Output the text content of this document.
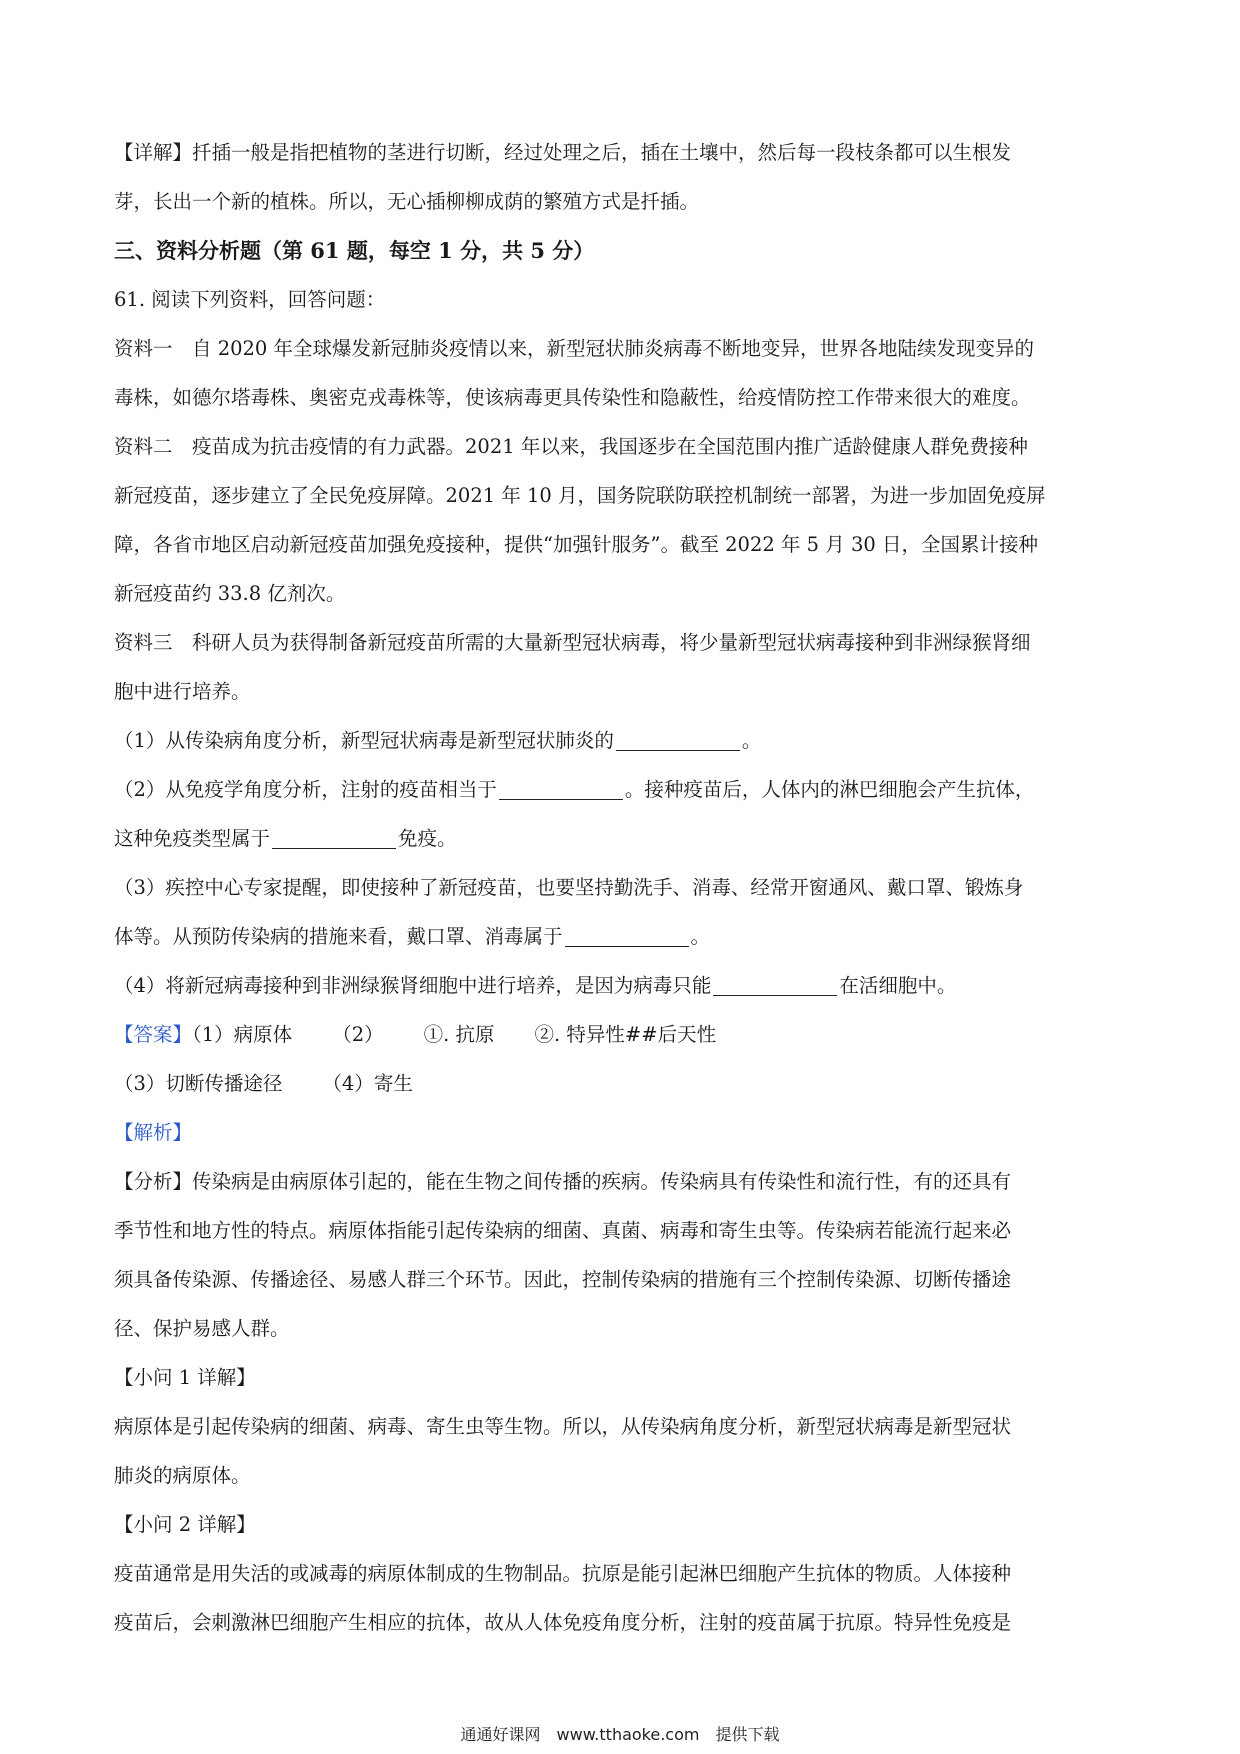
【详解】扦插一般是指把植物的茎进行切断，经过处理之后，插在土壤中，然后每一段枝条都可以生根发

芽，长出一个新的植株。所以，无心插柳柳成荫的繁殖方式是扦插。

三、资料分析题（第 61 题，每空 1 分，共 5 分）

61. 阅读下列资料，回答问题：

资料一　自 2020 年全球爆发新冠肺炎疫情以来，新型冠状肺炎病毒不断地变异，世界各地陆续发现变异的

毒株，如德尔塔毒株、奥密克戎毒株等，使该病毒更具传染性和隐蔽性，给疫情防控工作带来很大的难度。

资料二　疫苗成为抗击疫情的有力武器。2021 年以来，我国逐步在全国范围内推广适龄健康人群免费接种

新冠疫苗，逐步建立了全民免疫屏障。2021 年 10 月，国务院联防联控机制统一部署，为进一步加固免疫屏

障，各省市地区启动新冠疫苗加强免疫接种，提供“加强针服务”。截至 2022 年 5 月 30 日，全国累计接种

新冠疫苗约 33.8 亿剂次。

资料三　科研人员为获得制备新冠疫苗所需的大量新型冠状病毒，将少量新型冠状病毒接种到非洲绿猴肾细

胞中进行培养。

（1）从传染病角度分析，新型冠状病毒是新型冠状肺炎的	。

（2）从免疫学角度分析，注射的疫苗相当于	。接种疫苗后，人体内的淋巴细胞会产生抗体，

这种免疫类型属于	免疫。

（3）疾控中心专家提醒，即使接种了新冠疫苗，也要坚持勤洗手、消毒、经常开窗通风、戴口罩、锻炼身

体等。从预防传染病的措施来看，戴口罩、消毒属于	。

（4）将新冠病毒接种到非洲绿猴肾细胞中进行培养，是因为病毒只能	在活细胞中。

【答案】（1）病原体 （2） ①. 抗原 ②. 特异性##后天性

（3）切断传播途径 （4）寄生

【解析】

【分析】传染病是由病原体引起的，能在生物之间传播的疾病。传染病具有传染性和流行性，有的还具有

季节性和地方性的特点。病原体指能引起传染病的细菌、真菌、病毒和寄生虫等。传染病若能流行起来必

须具备传染源、传播途径、易感人群三个环节。因此，控制传染病的措施有三个控制传染源、切断传播途

径、保护易感人群。

【小问 1 详解】

病原体是引起传染病的细菌、病毒、寄生虫等生物。所以，从传染病角度分析，新型冠状病毒是新型冠状

肺炎的病原体。

【小问 2 详解】

疫苗通常是用失活的或减毒的病原体制成的生物制品。抗原是能引起淋巴细胞产生抗体的物质。人体接种

疫苗后，会刺激淋巴细胞产生相应的抗体，故从人体免疫角度分析，注射的疫苗属于抗原。特异性免疫是

通通好课网　www.tthaoke.com　提供下载
